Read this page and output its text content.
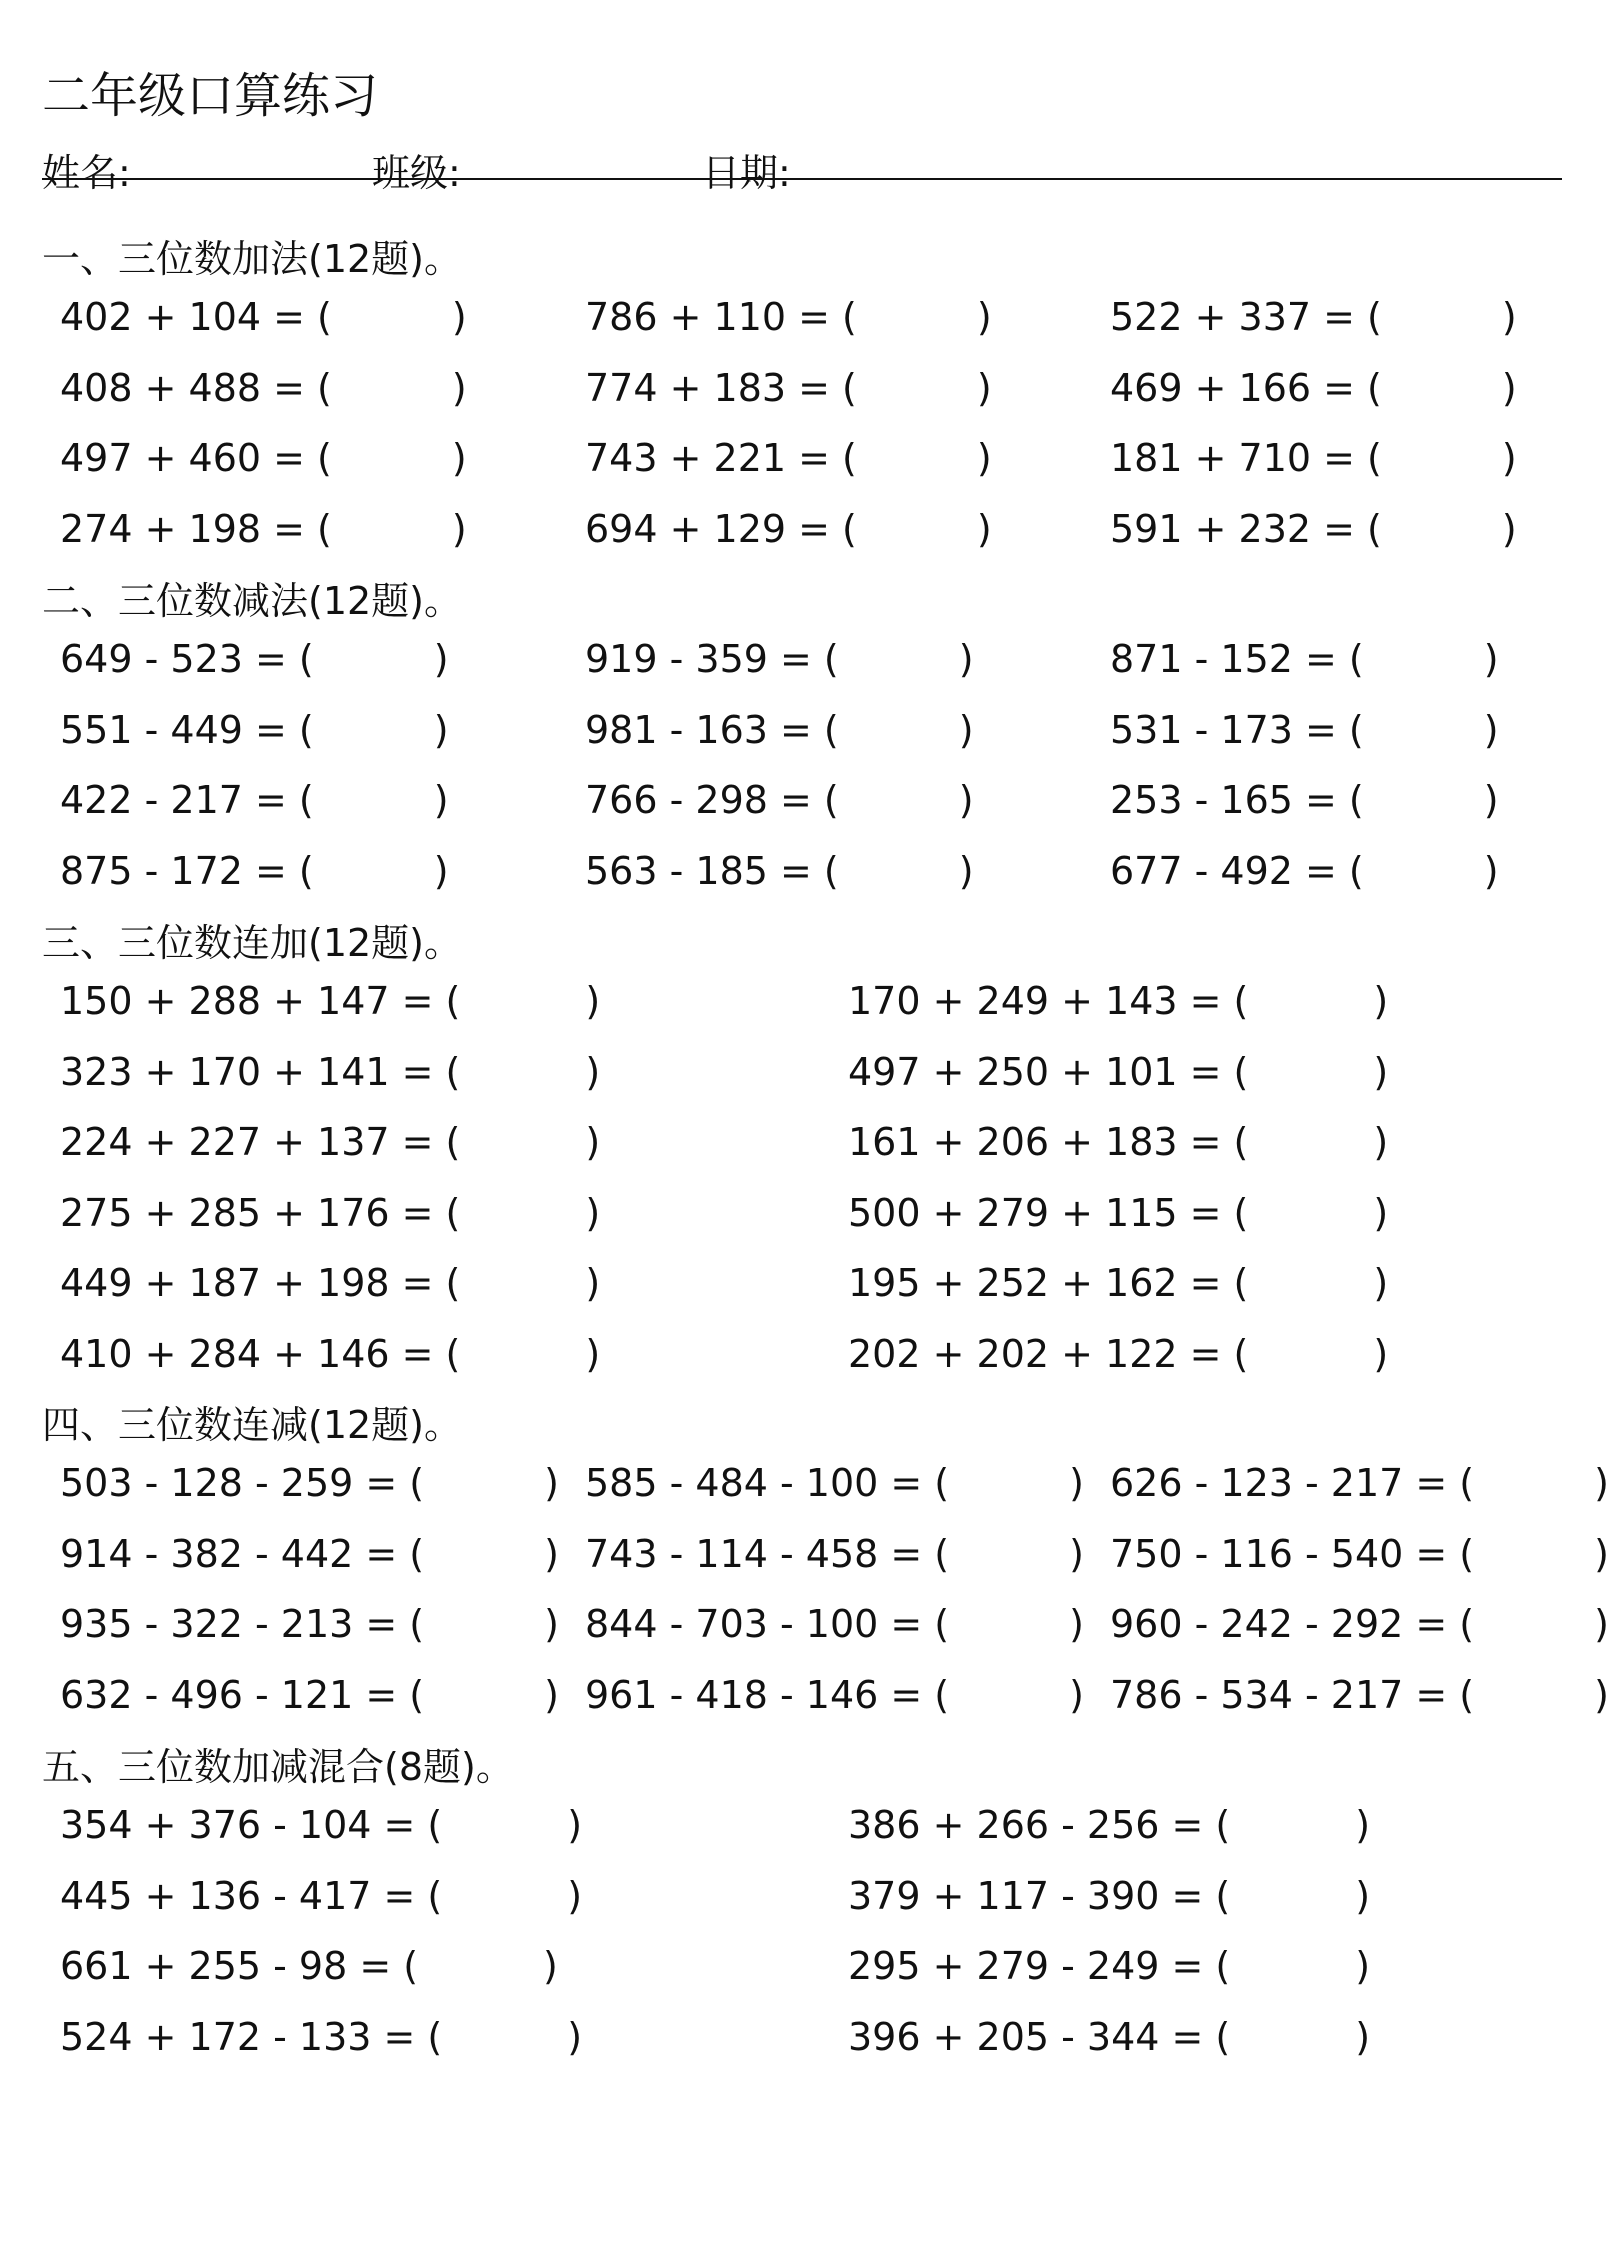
二年级口算练习
姓名:	班级:	日期:
一、三位数加法(12题)。
402 + 104 = (	)	786 + 110 = (	)	522 + 337 = (	)
408 + 488 = (	)	774 + 183 = (	)	469 + 166 = (	)
497 + 460 = (	)	743 + 221 = (	)	181 + 710 = (	)
274 + 198 = (	)	694 + 129 = (	)	591 + 232 = (	)
二、三位数减法(12题)。
649 - 523 = (	)	919 - 359 = (	)	871 - 152 = (	)
551 - 449 = (	)	981 - 163 = (	)	531 - 173 = (	)
422 - 217 = (	)	766 - 298 = (	)	253 - 165 = (	)
875 - 172 = (	)	563 - 185 = (	)	677 - 492 = (	)
三、三位数连加(12题)。
150 + 288 + 147 = (	)	170 + 249 + 143 = (	)
323 + 170 + 141 = (	)	497 + 250 + 101 = (	)
224 + 227 + 137 = (	)	161 + 206 + 183 = (	)
275 + 285 + 176 = (	)	500 + 279 + 115 = (	)
449 + 187 + 198 = (	)	195 + 252 + 162 = (	)
410 + 284 + 146 = (	)	202 + 202 + 122 = (	)
四、三位数连减(12题)。
503 - 128 - 259 = (	) 585 - 484 - 100 = (	) 626 - 123 - 217 = (	)
914 - 382 - 442 = (	) 743 - 114 - 458 = (	) 750 - 116 - 540 = (	)
935 - 322 - 213 = (	) 844 - 703 - 100 = (	) 960 - 242 - 292 = (	)
632 - 496 - 121 = (	) 961 - 418 - 146 = (	) 786 - 534 - 217 = (	)
五、三位数加减混合(8题)。
354 + 376 - 104 = (	)	386 + 266 - 256 = (	)
445 + 136 - 417 = (	)	379 + 117 - 390 = (	)
661 + 255 - 98 = (	)	295 + 279 - 249 = (	)
524 + 172 - 133 = (	)	396 + 205 - 344 = (	)
